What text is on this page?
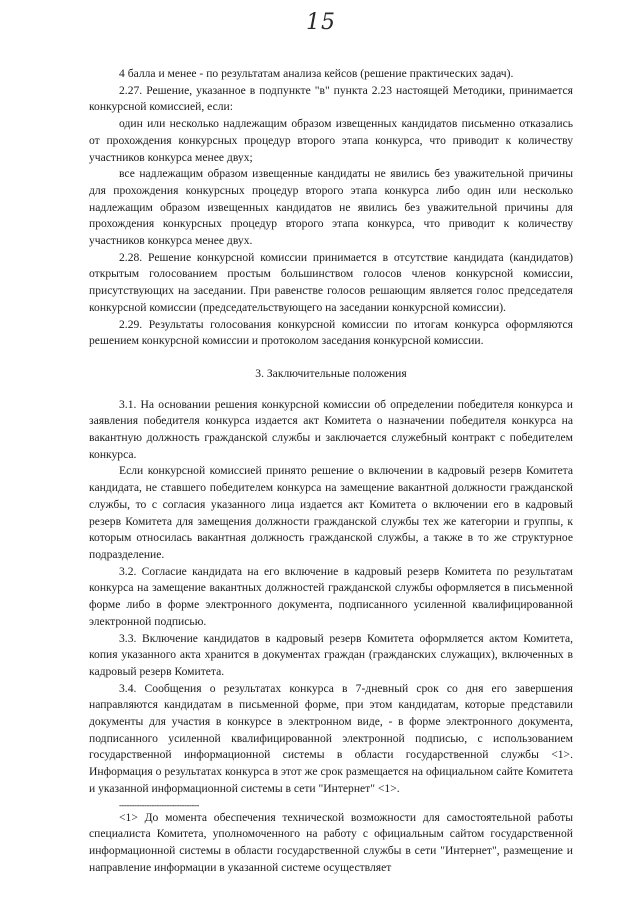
15

4 балла и менее - по результатам анализа кейсов (решение практических задач).

2.27. Решение, указанное в подпункте "в" пункта 2.23 настоящей Методики, принимается конкурсной комиссией, если:

один или несколько надлежащим образом извещенных кандидатов письменно отказались от прохождения конкурсных процедур второго этапа конкурса, что приводит к количеству участников конкурса менее двух;

все надлежащим образом извещенные кандидаты не явились без уважительной причины для прохождения конкурсных процедур второго этапа конкурса либо один или несколько надлежащим образом извещенных кандидатов не явились без уважительной причины для прохождения конкурсных процедур второго этапа конкурса, что приводит к количеству участников конкурса менее двух.

2.28. Решение конкурсной комиссии принимается в отсутствие кандидата (кандидатов) открытым голосованием простым большинством голосов членов конкурсной комиссии, присутствующих на заседании. При равенстве голосов решающим является голос председателя конкурсной комиссии (председательствующего на заседании конкурсной комиссии).

2.29. Результаты голосования конкурсной комиссии по итогам конкурса оформляются решением конкурсной комиссии и протоколом заседания конкурсной комиссии.

3. Заключительные положения

3.1. На основании решения конкурсной комиссии об определении победителя конкурса и заявления победителя конкурса издается акт Комитета о назначении победителя конкурса на вакантную должность гражданской службы и заключается служебный контракт с победителем конкурса.

Если конкурсной комиссией принято решение о включении в кадровый резерв Комитета кандидата, не ставшего победителем конкурса на замещение вакантной должности гражданской службы, то с согласия указанного лица издается акт Комитета о включении его в кадровый резерв Комитета для замещения должности гражданской службы тех же категории и группы, к которым относилась вакантная должность гражданской службы, а также в то же структурное подразделение.

3.2. Согласие кандидата на его включение в кадровый резерв Комитета по результатам конкурса на замещение вакантных должностей гражданской службы оформляется в письменной форме либо в форме электронного документа, подписанного усиленной квалифицированной электронной подписью.

3.3. Включение кандидатов в кадровый резерв Комитета оформляется актом Комитета, копия указанного акта хранится в документах граждан (гражданских служащих), включенных в кадровый резерв Комитета.

3.4. Сообщения о результатах конкурса в 7-дневный срок со дня его завершения направляются кандидатам в письменной форме, при этом кандидатам, которые представили документы для участия в конкурсе в электронном виде, - в форме электронного документа, подписанного усиленной квалифицированной электронной подписью, с использованием государственной информационной системы в области государственной службы <1>. Информация о результатах конкурса в этот же срок размещается на официальном сайте Комитета и указанной информационной системы в сети "Интернет" <1>.

--------------------------------

<1> До момента обеспечения технической возможности для самостоятельной работы специалиста Комитета, уполномоченного на работу с официальным сайтом государственной информационной системы в области государственной службы в сети "Интернет", размещение и направление информации в указанной системе осуществляет
